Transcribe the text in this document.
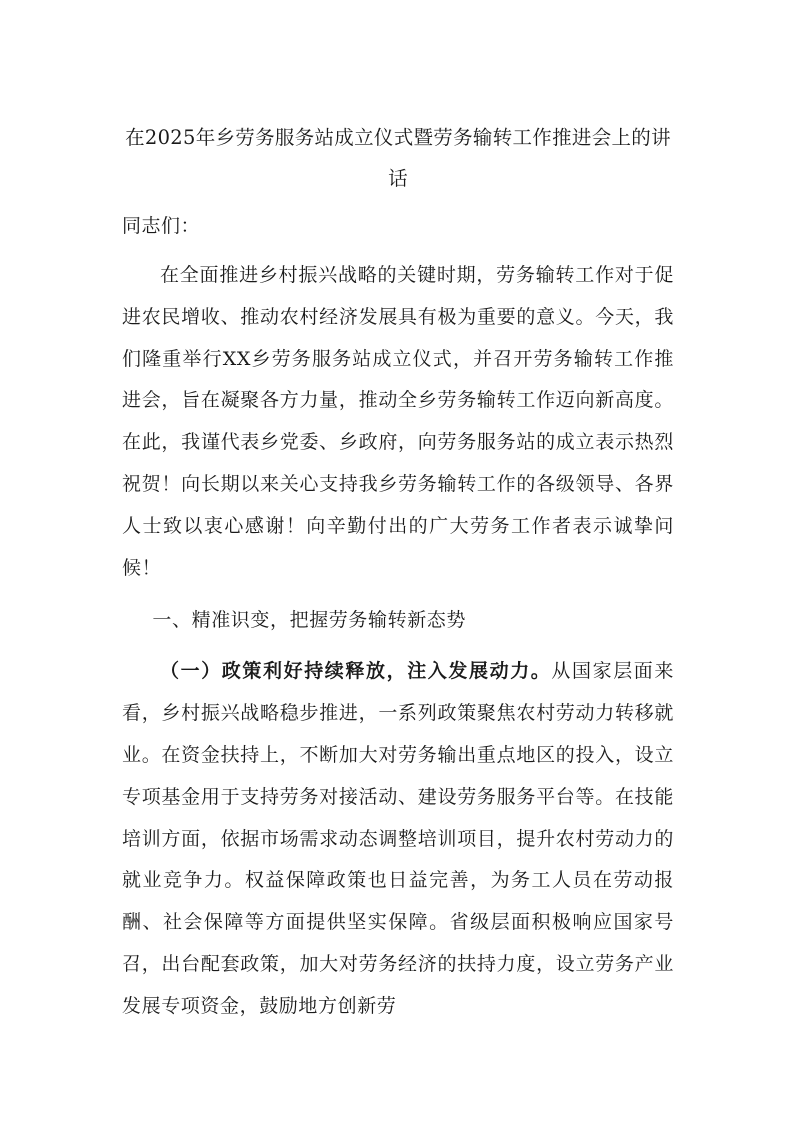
在2025年乡劳务服务站成立仪式暨劳务输转工作推进会上的讲话

同志们：

在全面推进乡村振兴战略的关键时期，劳务输转工作对于促进农民增收、推动农村经济发展具有极为重要的意义。今天，我们隆重举行XX乡劳务服务站成立仪式，并召开劳务输转工作推进会，旨在凝聚各方力量，推动全乡劳务输转工作迈向新高度。在此，我谨代表乡党委、乡政府，向劳务服务站的成立表示热烈祝贺！向长期以来关心支持我乡劳务输转工作的各级领导、各界人士致以衷心感谢！向辛勤付出的广大劳务工作者表示诚挚问候！

一、精准识变，把握劳务输转新态势

（一）政策利好持续释放，注入发展动力。从国家层面来看，乡村振兴战略稳步推进，一系列政策聚焦农村劳动力转移就业。在资金扶持上，不断加大对劳务输出重点地区的投入，设立专项基金用于支持劳务对接活动、建设劳务服务平台等。在技能培训方面，依据市场需求动态调整培训项目，提升农村劳动力的就业竞争力。权益保障政策也日益完善，为务工人员在劳动报酬、社会保障等方面提供坚实保障。省级层面积极响应国家号召，出台配套政策，加大对劳务经济的扶持力度，设立劳务产业发展专项资金，鼓励地方创新劳
